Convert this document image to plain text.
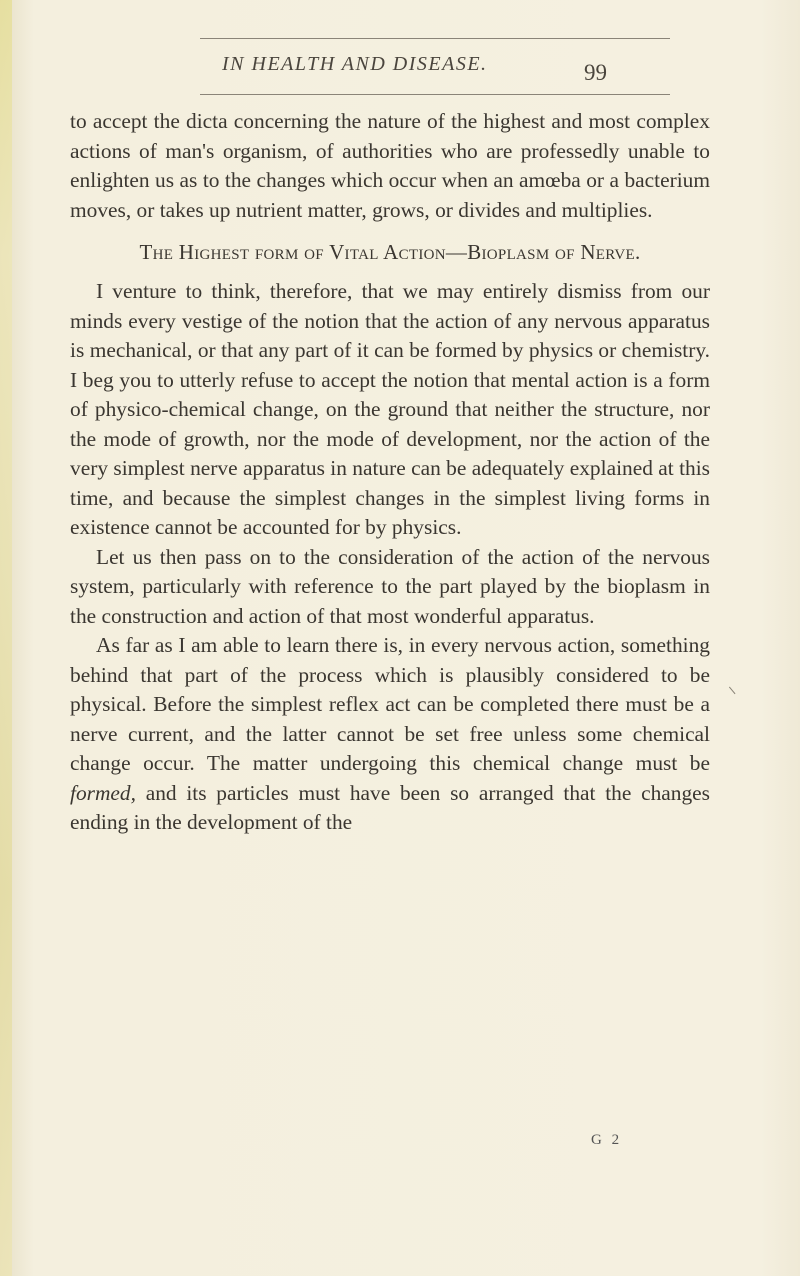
IN HEALTH AND DISEASE.	99

to accept the dicta concerning the nature of the highest and most complex actions of man's organism, of authorities who are professedly unable to enlighten us as to the changes which occur when an amœba or a bacterium moves, or takes up nutrient matter, grows, or divides and multiplies.

The Highest form of Vital Action—Bioplasm of Nerve.

I venture to think, therefore, that we may entirely dismiss from our minds every vestige of the notion that the action of any nervous apparatus is mechanical, or that any part of it can be formed by physics or chemistry. I beg you to utterly refuse to accept the notion that mental action is a form of physico-chemical change, on the ground that neither the structure, nor the mode of growth, nor the mode of development, nor the action of the very simplest nerve apparatus in nature can be adequately explained at this time, and because the simplest changes in the simplest living forms in existence cannot be accounted for by physics.

Let us then pass on to the consideration of the action of the nervous system, particularly with reference to the part played by the bioplasm in the construction and action of that most wonderful apparatus.

As far as I am able to learn there is, in every nervous action, something behind that part of the process which is plausibly considered to be physical. Before the simplest reflex act can be completed there must be a nerve current, and the latter cannot be set free unless some chemical change occur. The matter undergoing this chemical change must be formed, and its particles must have been so arranged that the changes ending in the development of the

G 2
